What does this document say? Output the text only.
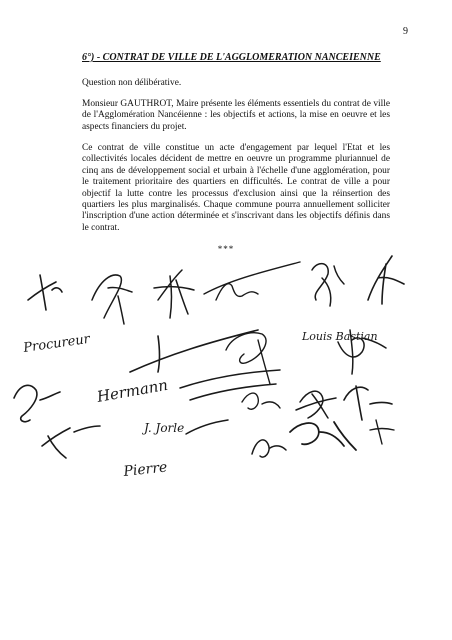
9
6°) - CONTRAT DE VILLE DE L'AGGLOMERATION NANCEIENNE

Question non délibérative.

Monsieur GAUTHROT, Maire présente les éléments essentiels du contrat de ville de l'Agglomération Nancéienne : les objectifs et actions, la mise en oeuvre et les aspects financiers du projet.

Ce contrat de ville constitue un acte d'engagement par lequel l'Etat et les collectivités locales décident de mettre en oeuvre un programme pluriannuel de cinq ans de développement social et urbain à l'échelle d'une agglomération, pour le traitement prioritaire des quartiers en difficultés. Le contrat de ville a pour objectif la lutte contre les processus d'exclusion ainsi que la réinsertion des quartiers les plus marginalisés. Chaque commune pourra annuellement solliciter l'inscription d'une action déterminée et s'inscrivant dans les objectifs définis dans le contrat.

***
Procureur	Louis Bastian
Hermann
J. Jorle
Pierre
